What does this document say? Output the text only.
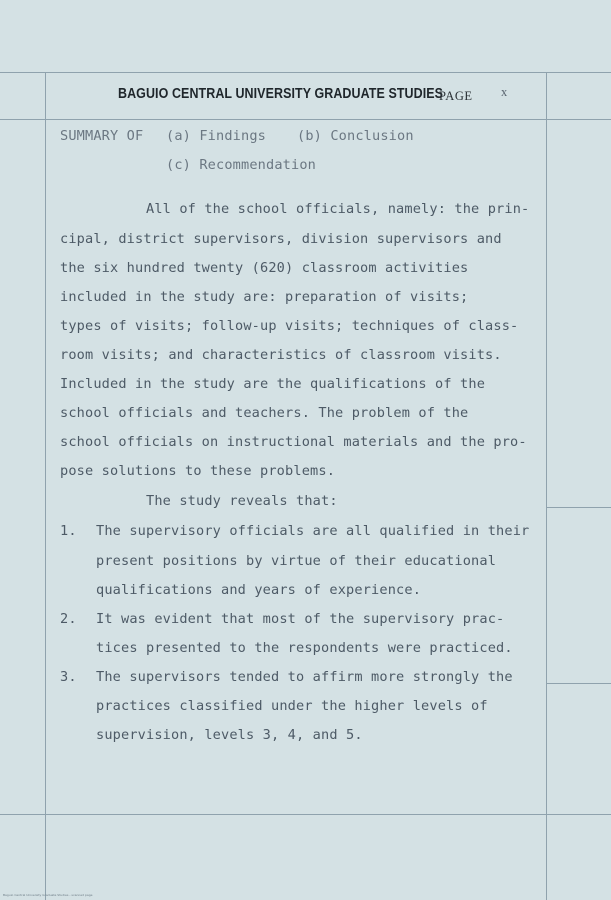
BAGUIO CENTRAL UNIVERSITY GRADUATE STUDIES
PAGE x
SUMMARY OF (a) Findings (b) Conclusion
(c) Recommendation
All of the school officials, namely: the prin-
cipal, district supervisors, division supervisors and
the six hundred twenty (620) classroom activities
included in the study are: preparation of visits;
types of visits; follow-up visits; techniques of class-
room visits; and characteristics of classroom visits.
Included in the study are the qualifications of the
school officials and teachers. The problem of the
school officials on instructional materials and the pro-
pose solutions to these problems.
The study reveals that:
1. The supervisory officials are all qualified in their
present positions by virtue of their educational
qualifications and years of experience.
2. It was evident that most of the supervisory prac-
tices presented to the respondents were practiced.
3. The supervisors tended to affirm more strongly the
practices classified under the higher levels of
supervision, levels 3, 4, and 5.
Baguio Central University Graduate Studies - scanned page
